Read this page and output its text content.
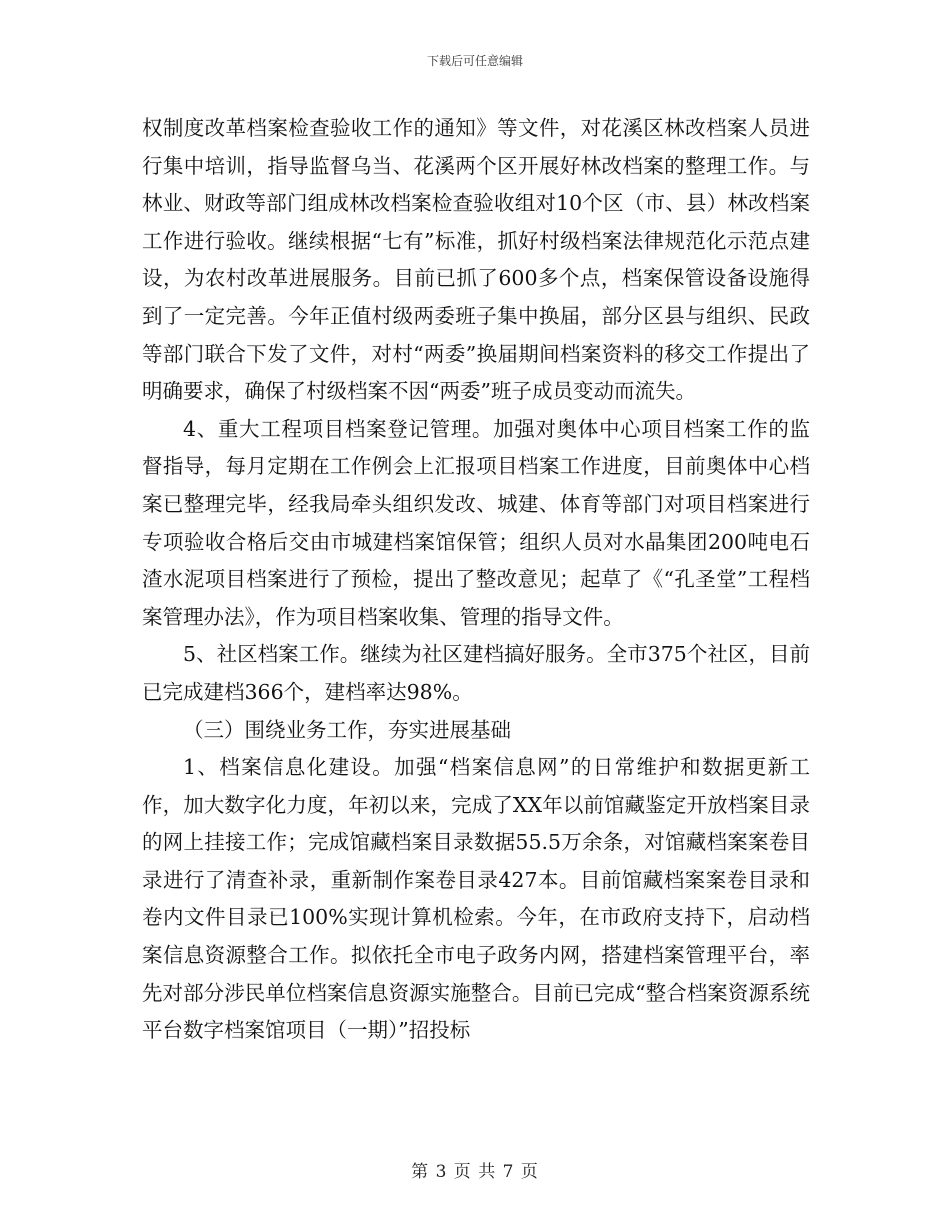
下载后可任意编辑

权制度改革档案检查验收工作的通知》等文件，对花溪区林改档案人员进行集中培训，指导监督乌当、花溪两个区开展好林改档案的整理工作。与林业、财政等部门组成林改档案检查验收组对10个区（市、县）林改档案工作进行验收。继续根据“七有”标准，抓好村级档案法律规范化示范点建设，为农村改革进展服务。目前已抓了600多个点，档案保管设备设施得到了一定完善。今年正值村级两委班子集中换届，部分区县与组织、民政等部门联合下发了文件，对村“两委”换届期间档案资料的移交工作提出了明确要求，确保了村级档案不因“两委”班子成员变动而流失。

4、重大工程项目档案登记管理。加强对奥体中心项目档案工作的监督指导，每月定期在工作例会上汇报项目档案工作进度，目前奥体中心档案已整理完毕，经我局牵头组织发改、城建、体育等部门对项目档案进行专项验收合格后交由市城建档案馆保管；组织人员对水晶集团200吨电石渣水泥项目档案进行了预检，提出了整改意见；起草了《“孔圣堂”工程档案管理办法》，作为项目档案收集、管理的指导文件。

5、社区档案工作。继续为社区建档搞好服务。全市375个社区，目前已完成建档366个，建档率达98%。

（三）围绕业务工作，夯实进展基础

1、档案信息化建设。加强“档案信息网”的日常维护和数据更新工作，加大数字化力度，年初以来，完成了XX年以前馆藏鉴定开放档案目录的网上挂接工作；完成馆藏档案目录数据55.5万余条，对馆藏档案案卷目录进行了清查补录，重新制作案卷目录427本。目前馆藏档案案卷目录和卷内文件目录已100%实现计算机检索。今年，在市政府支持下，启动档案信息资源整合工作。拟依托全市电子政务内网，搭建档案管理平台，率先对部分涉民单位档案信息资源实施整合。目前已完成“整合档案资源系统平台数字档案馆项目（一期）”招投标

第 3 页 共 7 页
